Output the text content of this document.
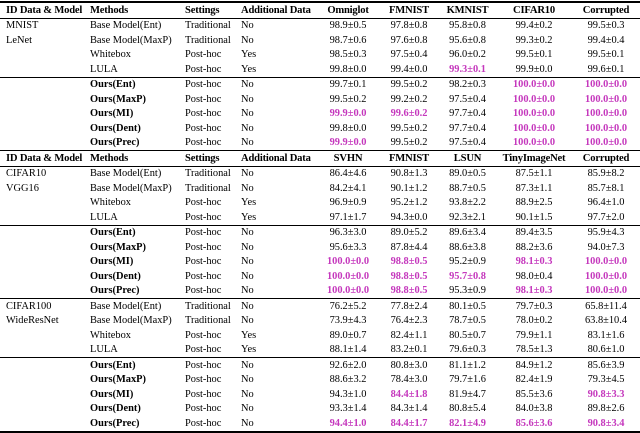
ID Data & Model	Methods	Settings	Additional Data	Omniglot	FMNIST	KMNIST	CIFAR10	Corrupted
MNIST	Base Model(Ent)	Traditional	No	98.9±0.5	97.8±0.8	95.8±0.8	99.4±0.2	99.5±0.3
LeNet	Base Model(MaxP)	Traditional	No	98.7±0.6	97.6±0.8	95.6±0.8	99.3±0.2	99.4±0.4
	Whitebox	Post-hoc	Yes	98.5±0.3	97.5±0.4	96.0±0.2	99.5±0.1	99.5±0.1
	LULA	Post-hoc	Yes	99.8±0.0	99.4±0.0	99.3±0.1	99.9±0.0	99.6±0.1
	Ours(Ent)	Post-hoc	No	99.7±0.1	99.5±0.2	98.2±0.3	100.0±0.0	100.0±0.0
	Ours(MaxP)	Post-hoc	No	99.5±0.2	99.2±0.2	97.5±0.4	100.0±0.0	100.0±0.0
	Ours(MI)	Post-hoc	No	99.9±0.0	99.6±0.2	97.7±0.4	100.0±0.0	100.0±0.0
	Ours(Dent)	Post-hoc	No	99.8±0.0	99.5±0.2	97.7±0.4	100.0±0.0	100.0±0.0
	Ours(Prec)	Post-hoc	No	99.9±0.0	99.5±0.2	97.5±0.4	100.0±0.0	100.0±0.0
ID Data & Model	Methods	Settings	Additional Data	SVHN	FMNIST	LSUN	TinyImageNet	Corrupted
CIFAR10	Base Model(Ent)	Traditional	No	86.4±4.6	90.8±1.3	89.0±0.5	87.5±1.1	85.9±8.2
VGG16	Base Model(MaxP)	Traditional	No	84.2±4.1	90.1±1.2	88.7±0.5	87.3±1.1	85.7±8.1
	Whitebox	Post-hoc	Yes	96.9±0.9	95.2±1.2	93.8±2.2	88.9±2.5	96.4±1.0
	LULA	Post-hoc	Yes	97.1±1.7	94.3±0.0	92.3±2.1	90.1±1.5	97.7±2.0
	Ours(Ent)	Post-hoc	No	96.3±3.0	89.0±5.2	89.6±3.4	89.4±3.5	95.9±4.3
	Ours(MaxP)	Post-hoc	No	95.6±3.3	87.8±4.4	88.6±3.8	88.2±3.6	94.0±7.3
	Ours(MI)	Post-hoc	No	100.0±0.0	98.8±0.5	95.2±0.9	98.1±0.3	100.0±0.0
	Ours(Dent)	Post-hoc	No	100.0±0.0	98.8±0.5	95.7±0.8	98.0±0.4	100.0±0.0
	Ours(Prec)	Post-hoc	No	100.0±0.0	98.8±0.5	95.3±0.9	98.1±0.3	100.0±0.0
CIFAR100	Base Model(Ent)	Traditional	No	76.2±5.2	77.8±2.4	80.1±0.5	79.7±0.3	65.8±11.4
WideResNet	Base Model(MaxP)	Traditional	No	73.9±4.3	76.4±2.3	78.7±0.5	78.0±0.2	63.8±10.4
	Whitebox	Post-hoc	Yes	89.0±0.7	82.4±1.1	80.5±0.7	79.9±1.1	83.1±1.6
	LULA	Post-hoc	Yes	88.1±1.4	83.2±0.1	79.6±0.3	78.5±1.3	80.6±1.0
	Ours(Ent)	Post-hoc	No	92.6±2.0	80.8±3.0	81.1±1.2	84.9±1.2	85.6±3.9
	Ours(MaxP)	Post-hoc	No	88.6±3.2	78.4±3.0	79.7±1.6	82.4±1.9	79.3±4.5
	Ours(MI)	Post-hoc	No	94.3±1.0	84.4±1.8	81.9±4.7	85.5±3.6	90.8±3.3
	Ours(Dent)	Post-hoc	No	93.3±1.4	84.3±1.4	80.8±5.4	84.0±3.8	89.8±2.6
	Ours(Prec)	Post-hoc	No	94.4±1.0	84.4±1.7	82.1±4.9	85.6±3.6	90.8±3.4
